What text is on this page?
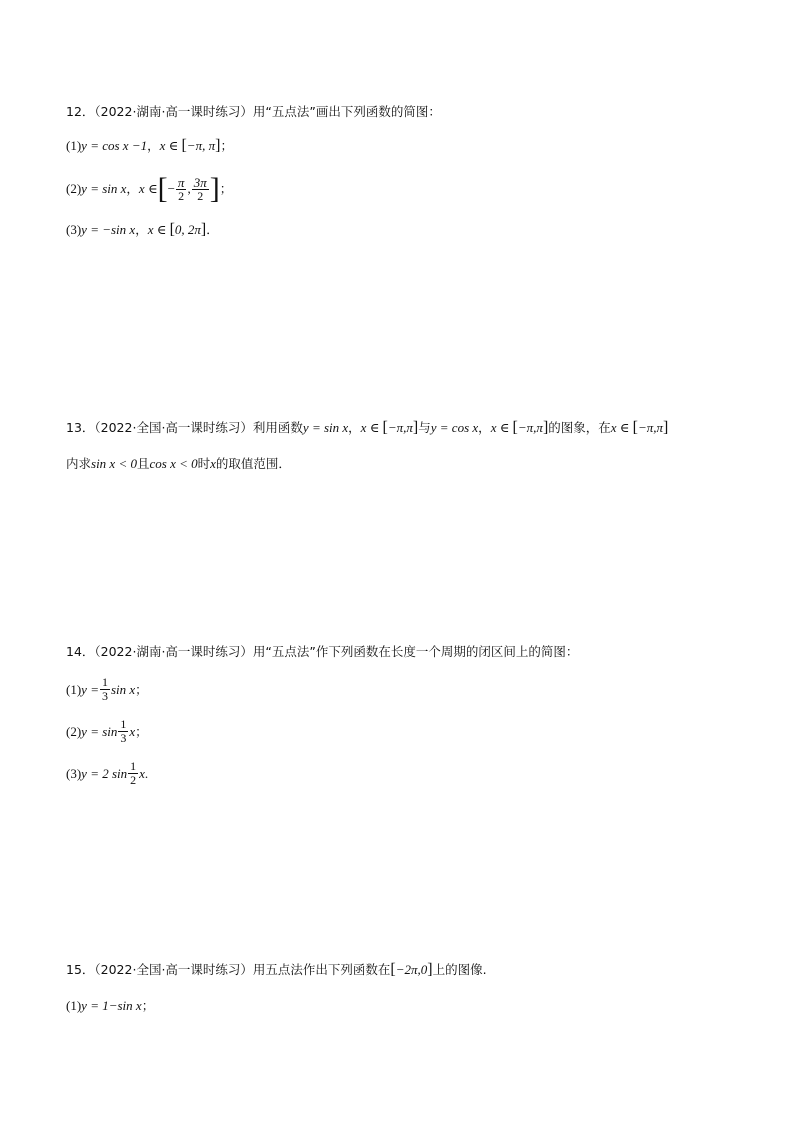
12．（2022·湖南·高一课时练习）用“五点法”画出下列函数的简图：
(1) y = cos x −1 ， x ∈  [ −π, π ] ；
(2) y = sin x ， x ∈ [ − $\frac{\pi}{2}$ , $\frac{3\pi}{2}$ ] ；
(3) y = −sin x ， x ∈  [ 0, 2π ] ．
13．（2022·全国·高一课时练习）利用函数 y = sin x ， x ∈  [ −π,π ] 与 y = cos x ， x ∈  [ −π,π ] 的图象，在 x ∈  [ −π,π ]
内求 sin x < 0 且 cos x < 0 时 x 的取值范围．
14．（2022·湖南·高一课时练习）用“五点法”作下列函数在长度一个周期的闭区间上的简图：
(1) $y = \frac{1}{3}$ sin x ；
(2) $y = \sin \frac{1}{3}$ x ；
(3) y = 2 $\sin \frac{1}{2}$ x .
15．（2022·全国·高一课时练习）用五点法作出下列函数在 [ −2π,0 ] 上的图像.
(1) y = 1−sin x ；
